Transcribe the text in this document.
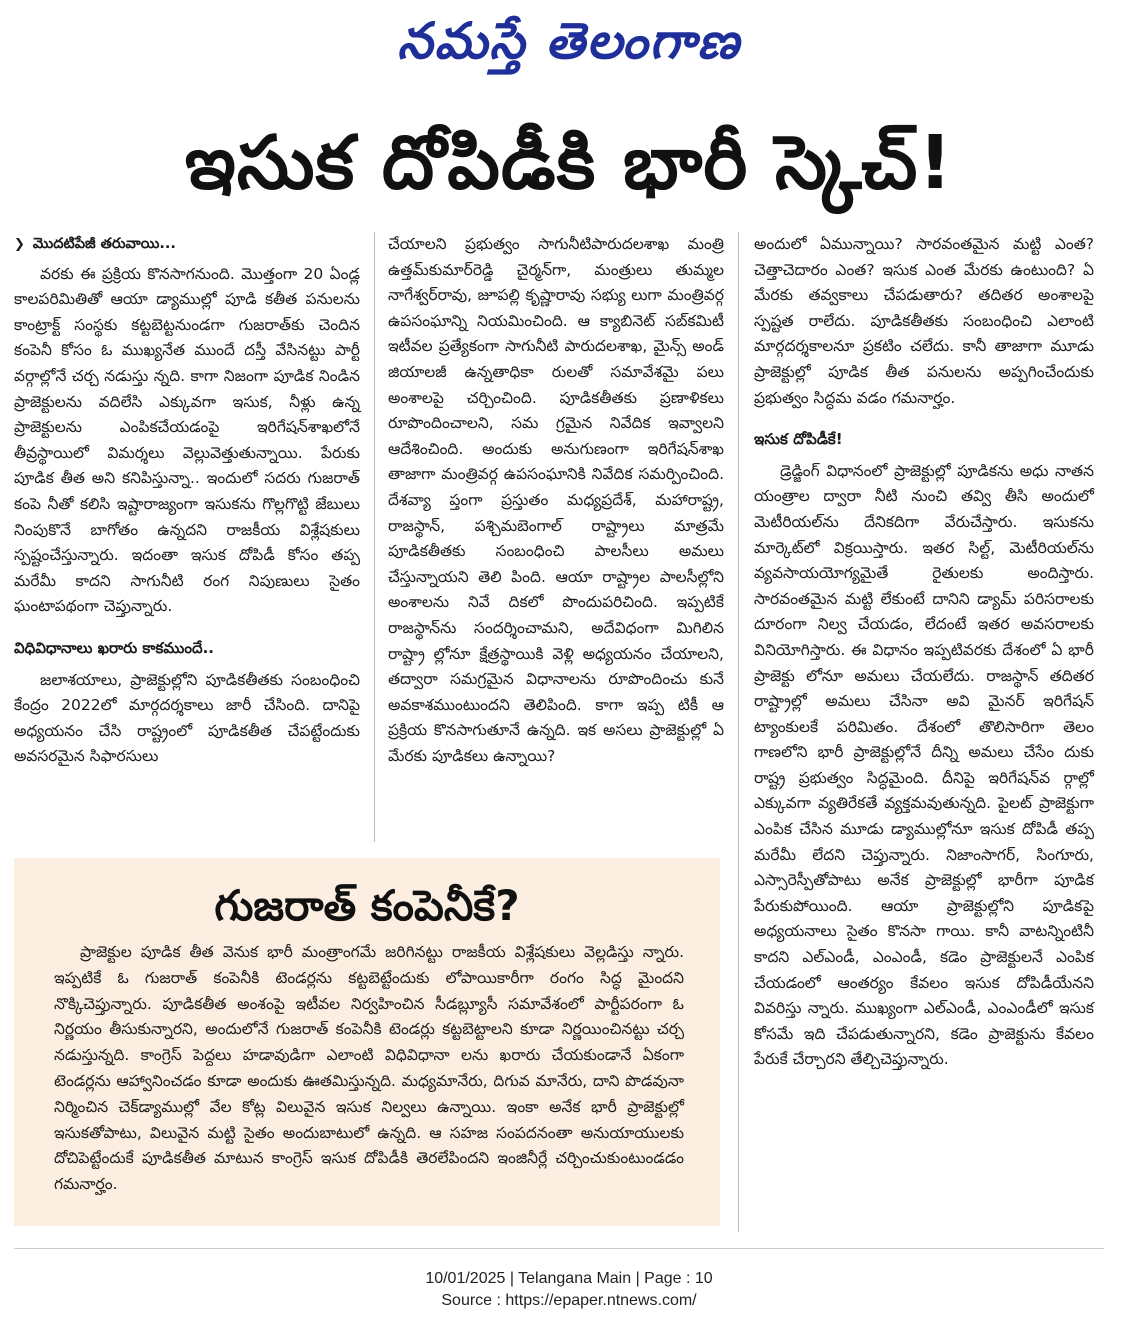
నమస్తే తెలంగాణ
ఇసుక దోపిడీకి భారీ స్కెచ్!
❯ మొదటిపేజీ తరువాయి...

వరకు ఈ ప్రక్రియ కొనసాగనుంది. మొత్తంగా 20 ఏండ్ల కాలపరిమితితో ఆయా డ్యాముల్లో పూడి కతీత పనులను కాంట్రాక్ట్ సంస్థకు కట్టబెట్టనుండగా గుజరాత్‌కు చెందిన కంపెనీ కోసం ఓ ముఖ్యనేత ముందే దస్తీ వేసినట్టు పార్టీ వర్గాల్లోనే చర్చ నడుస్తు న్నది. కాగా నిజంగా పూడిక నిండిన ప్రాజెక్టులను వదిలేసి ఎక్కువగా ఇసుక, నీళ్లు ఉన్న ప్రాజెక్టులను ఎంపికచేయడంపై ఇరిగేషన్‌శాఖలోనే తీవ్రస్థాయిలో విమర్శలు వెల్లువెత్తుతున్నాయి. పేరుకు పూడిక తీత అని కనిపిస్తున్నా.. ఇందులో సదరు గుజరాత్ కంపె నీతో కలిసి ఇష్టారాజ్యంగా ఇసుకను గొల్లగొట్టి జేబులు నింపుకొనే బాగోతం ఉన్నదని రాజకీయ విశ్లేషకులు స్పష్టంచేస్తున్నారు. ఇదంతా ఇసుక దోపిడీ కోసం తప్ప మరేమీ కాదని సాగునీటి రంగ నిపుణులు సైతం ఘంటాపథంగా చెప్తున్నారు.

విధివిధానాలు ఖరారు కాకముందే..

జలాశయాలు, ప్రాజెక్టుల్లోని పూడికతీతకు సంబంధించి కేంద్రం 2022లో మార్గదర్శకాలు జారీ చేసింది. దానిపై అధ్యయనం చేసి రాష్ట్రంలో పూడికతీత చేపట్టేందుకు అవసరమైన సిఫారసులు

చేయాలని ప్రభుత్వం సాగునీటిపారుదలశాఖ మంత్రి ఉత్తమ్‌కుమార్‌రెడ్డి చైర్మన్‌గా, మంత్రులు తుమ్మల నాగేశ్వర్‌రావు, జూపల్లి కృష్ణారావు సభ్యు లుగా మంత్రివర్గ ఉపసంఘాన్ని నియమించింది. ఆ క్యాబినెట్ సబ్‌కమిటీ ఇటీవల ప్రత్యేకంగా సాగునీటి పారుదలశాఖ, మైన్స్ అండ్ జియాలజీ ఉన్నతాధికా రులతో సమావేశమై పలు అంశాలపై చర్చించింది. పూడికతీతకు ప్రణాళికలు రూపొందించాలని, సమ గ్రమైన నివేదిక ఇవ్వాలని ఆదేశించింది. అందుకు అనుగుణంగా ఇరిగేషన్‌శాఖ తాజాగా మంత్రివర్గ ఉపసంఘానికి నివేదిక సమర్పించింది. దేశవ్యా ప్తంగా ప్రస్తుతం మధ్యప్రదేశ్, మహారాష్ట్ర, రాజస్థాన్, పశ్చిమబెంగాల్ రాష్ట్రాలు మాత్రమే పూడికతీతకు సంబంధించి పాలసీలు అమలు చేస్తున్నాయని తెలి పింది. ఆయా రాష్ట్రాల పాలసీల్లోని అంశాలను నివే దికలో పొందుపరిచింది. ఇప్పటికే రాజస్థాన్‌ను సందర్శించామని, అదేవిధంగా మిగిలిన రాష్ట్రా ల్లోనూ క్షేత్రస్థాయికి వెళ్లి అధ్యయనం చేయాలని, తద్వారా సమగ్రమైన విధానాలను రూపొందించు కునే అవకాశముంటుందని తెలిపింది. కాగా ఇప్ప టికీ ఆ ప్రక్రియ కొనసాగుతూనే ఉన్నది. ఇక అసలు ప్రాజెక్టుల్లో ఏ మేరకు పూడికలు ఉన్నాయి?

అందులో ఏమున్నాయి? సారవంతమైన మట్టి ఎంత? చెత్తాచెదారం ఎంత? ఇసుక ఎంత మేరకు ఉంటుంది? ఏ మేరకు తవ్వకాలు చేపడుతారు? తదితర అంశాలపై స్పష్టత రాలేదు. పూడికతీతకు సంబంధించి ఎలాంటి మార్గదర్శకాలనూ ప్రకటిం చలేదు. కానీ తాజాగా మూడు ప్రాజెక్టుల్లో పూడిక తీత పనులను అప్పగించేందుకు ప్రభుత్వం సిద్ధమ వడం గమనార్హం.

ఇసుక దోపిడీకే!

డ్రెడ్జింగ్ విధానంలో ప్రాజెక్టుల్లో పూడికను అధు నాతన యంత్రాల ద్వారా నీటి నుంచి తవ్వి తీసి అందులో మెటీరియల్‌ను దేనికదిగా వేరుచేస్తారు. ఇసుకను మార్కెట్‌లో విక్రయిస్తారు. ఇతర సిల్ట్, మెటీరియల్‌ను వ్యవసాయయోగ్యమైతే రైతులకు అందిస్తారు. సారవంతమైన మట్టి లేకుంటే దానిని డ్యామ్ పరిసరాలకు దూరంగా నిల్వ చేయడం, లేదంటే ఇతర అవసరాలకు వినియోగిస్తారు. ఈ విధానం ఇప్పటివరకు దేశంలో ఏ భారీ ప్రాజెక్టు లోనూ అమలు చేయలేదు. రాజస్థాన్ తదితర రాష్ట్రాల్లో అమలు చేసినా అవి మైనర్ ఇరిగేషన్ ట్యాంకులకే పరిమితం. దేశంలో తొలిసారిగా తెలం గాణలోని భారీ ప్రాజెక్టుల్లోనే దీన్ని అమలు చేసేం దుకు రాష్ట్ర ప్రభుత్వం సిద్ధమైంది. దీనిపై ఇరిగేషన్‌వ ర్గాల్లో ఎక్కువగా వ్యతిరేకతే వ్యక్తమవుతున్నది. పైలట్ ప్రాజెక్టుగా ఎంపిక చేసిన మూడు డ్యాముల్లోనూ ఇసుక దోపిడీ తప్ప మరేమీ లేదని చెప్తున్నారు. నిజాంసాగర్, సింగూరు, ఎస్సారెస్పీతోపాటు అనేక ప్రాజెక్టుల్లో భారీగా పూడిక పేరుకుపోయింది. ఆయా ప్రాజెక్టుల్లోని పూడికపై అధ్యయనాలు సైతం కొనసా గాయి. కానీ వాటన్నింటినీ కాదని ఎల్‌ఎండీ, ఎంఎండీ, కడెం ప్రాజెక్టులనే ఎంపిక చేయడంలో ఆంతర్యం కేవలం ఇసుక దోపిడీయేనని వివరిస్తు న్నారు. ముఖ్యంగా ఎల్‌ఎండీ, ఎంఎండీలో ఇసుక కోసమే ఇది చేపడుతున్నారని, కడెం ప్రాజెక్టును కేవలం పేరుకే చేర్చారని తేల్చిచెప్తున్నారు.

గుజరాత్ కంపెనీకే?

ప్రాజెక్టుల పూడిక తీత వెనుక భారీ మంత్రాంగమే జరిగినట్టు రాజకీయ విశ్లేషకులు వెల్లడిస్తు న్నారు. ఇప్పటికే ఓ గుజరాత్ కంపెనీకి టెండర్లను కట్టబెట్టేందుకు లోపాయికారీగా రంగం సిద్ధ మైందని నొక్కిచెప్తున్నారు. పూడికతీత అంశంపై ఇటీవల నిర్వహించిన సీడబ్ల్యూసీ సమావేశంలో పార్టీపరంగా ఓ నిర్ణయం తీసుకున్నారని, అందులోనే గుజరాత్ కంపెనీకి టెండర్లు కట్టబెట్టాలని కూడా నిర్ణయించినట్టు చర్చ నడుస్తున్నది. కాంగ్రెస్ పెద్దలు హడావుడిగా ఎలాంటి విధివిధానా లను ఖరారు చేయకుండానే ఏకంగా టెండర్లను ఆహ్వానించడం కూడా అందుకు ఊతమిస్తున్నది. మధ్యమానేరు, దిగువ మానేరు, దాని పొడవునా నిర్మించిన చెక్‌డ్యాముల్లో వేల కోట్ల విలువైన ఇసుక నిల్వలు ఉన్నాయి. ఇంకా అనేక భారీ ప్రాజెక్టుల్లో ఇసుకతోపాటు, విలువైన మట్టి సైతం అందుబాటులో ఉన్నది. ఆ సహజ సంపదనంతా అనుయాయులకు దోచిపెట్టేందుకే పూడికతీత మాటున కాంగ్రెస్ ఇసుక దోపిడీకి తెరలేపిందని ఇంజినీర్లే చర్చించుకుంటుండడం గమనార్హం.

10/01/2025 | Telangana Main | Page : 10
Source : https://epaper.ntnews.com/
